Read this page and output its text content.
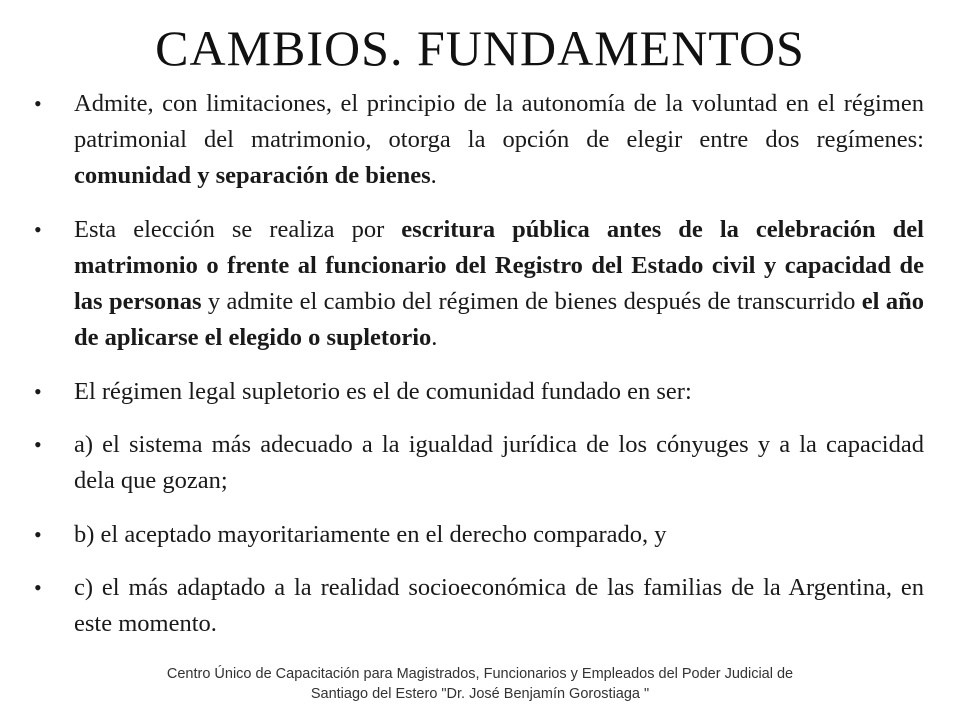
CAMBIOS. FUNDAMENTOS
• Admite, con limitaciones, el principio de la autonomía de la voluntad en el régimen patrimonial del matrimonio, otorga la opción de elegir entre dos regímenes: comunidad y separación de bienes.
• Esta elección se realiza por escritura pública antes de la celebración del matrimonio o frente al funcionario del Registro del Estado civil y capacidad de las personas y admite el cambio del régimen de bienes después de transcurrido el año de aplicarse el elegido o supletorio.
• El régimen legal supletorio es el de comunidad fundado en ser:
• a) el sistema más adecuado a la igualdad jurídica de los cónyuges y a la capacidad dela que gozan;
• b) el aceptado mayoritariamente en el derecho comparado, y
• c) el más adaptado a la realidad socioeconómica de las familias de la Argentina, en este momento.
Centro Único de Capacitación para Magistrados, Funcionarios y Empleados del Poder Judicial de
Santiago del Estero "Dr. José Benjamín Gorostiaga "
